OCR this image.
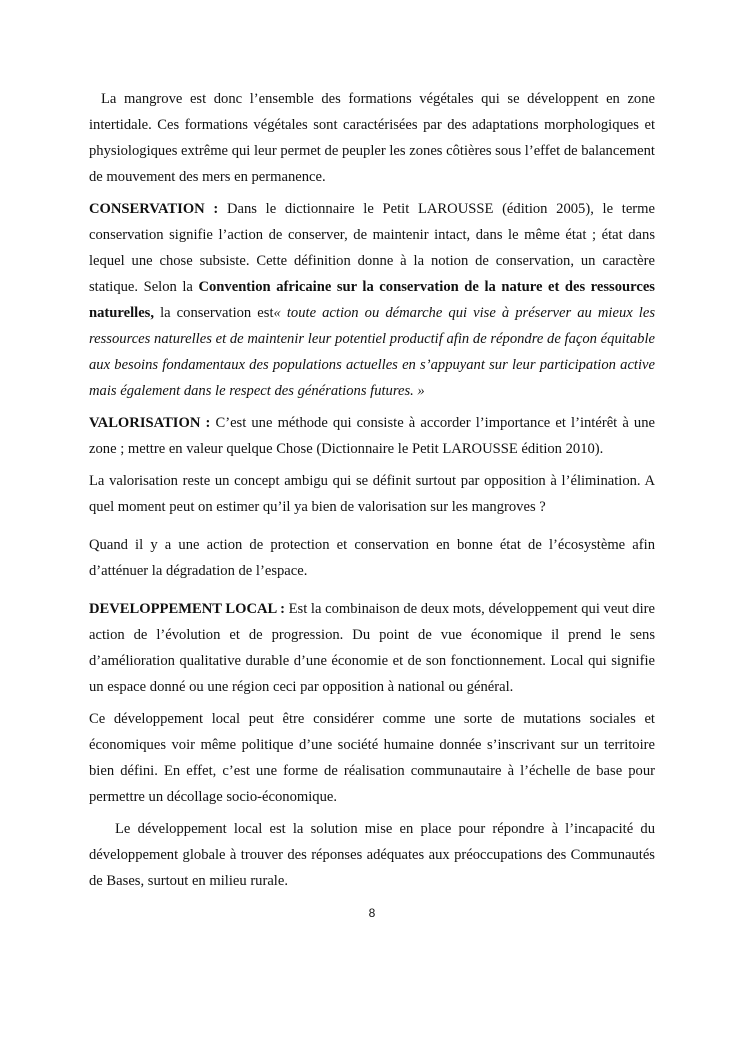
La mangrove est donc l’ensemble des formations végétales qui se développent en zone intertidale. Ces formations végétales sont caractérisées par des adaptations morphologiques et physiologiques extrême qui leur permet de peupler les zones côtières sous l’effet de balancement de mouvement des mers en permanence.

CONSERVATION : Dans le dictionnaire le Petit LAROUSSE (édition 2005), le terme conservation signifie l’action de conserver, de maintenir intact, dans le même état ; état dans lequel une chose subsiste. Cette définition donne à la notion de conservation, un caractère statique. Selon la Convention africaine sur la conservation de la nature et des ressources naturelles, la conservation est« toute action ou démarche qui vise à préserver au mieux les ressources naturelles et de maintenir leur potentiel productif afin de répondre de façon équitable aux besoins fondamentaux des populations actuelles en s’appuyant sur leur participation active mais également dans le respect des générations futures. »

VALORISATION : C’est une méthode qui consiste à accorder l’importance et l’intérêt à une zone ; mettre en valeur quelque Chose (Dictionnaire le Petit LAROUSSE édition 2010).

La valorisation reste un concept ambigu qui se définit surtout par opposition à l’élimination. A quel moment peut on estimer qu’il ya bien de valorisation sur les mangroves ?

Quand il y a une action de protection et conservation en bonne état de l’écosystème afin d’atténuer la dégradation de l’espace.

DEVELOPPEMENT LOCAL : Est la combinaison de deux mots, développement qui veut dire action de l’évolution et de progression. Du point de vue économique il prend le sens d’amélioration qualitative durable d’une économie et de son fonctionnement. Local qui signifie un espace donné ou une région ceci par opposition à national ou général.

Ce développement local peut être considérer comme une sorte de mutations sociales et économiques voir même politique d’une société humaine donnée s’inscrivant sur un territoire bien défini. En effet, c’est une forme de réalisation communautaire à l’échelle de base pour permettre un décollage socio-économique.

Le développement local est la solution mise en place pour répondre à l’incapacité du développement globale à trouver des réponses adéquates aux préoccupations des Communautés de Bases, surtout en milieu rurale.

8
